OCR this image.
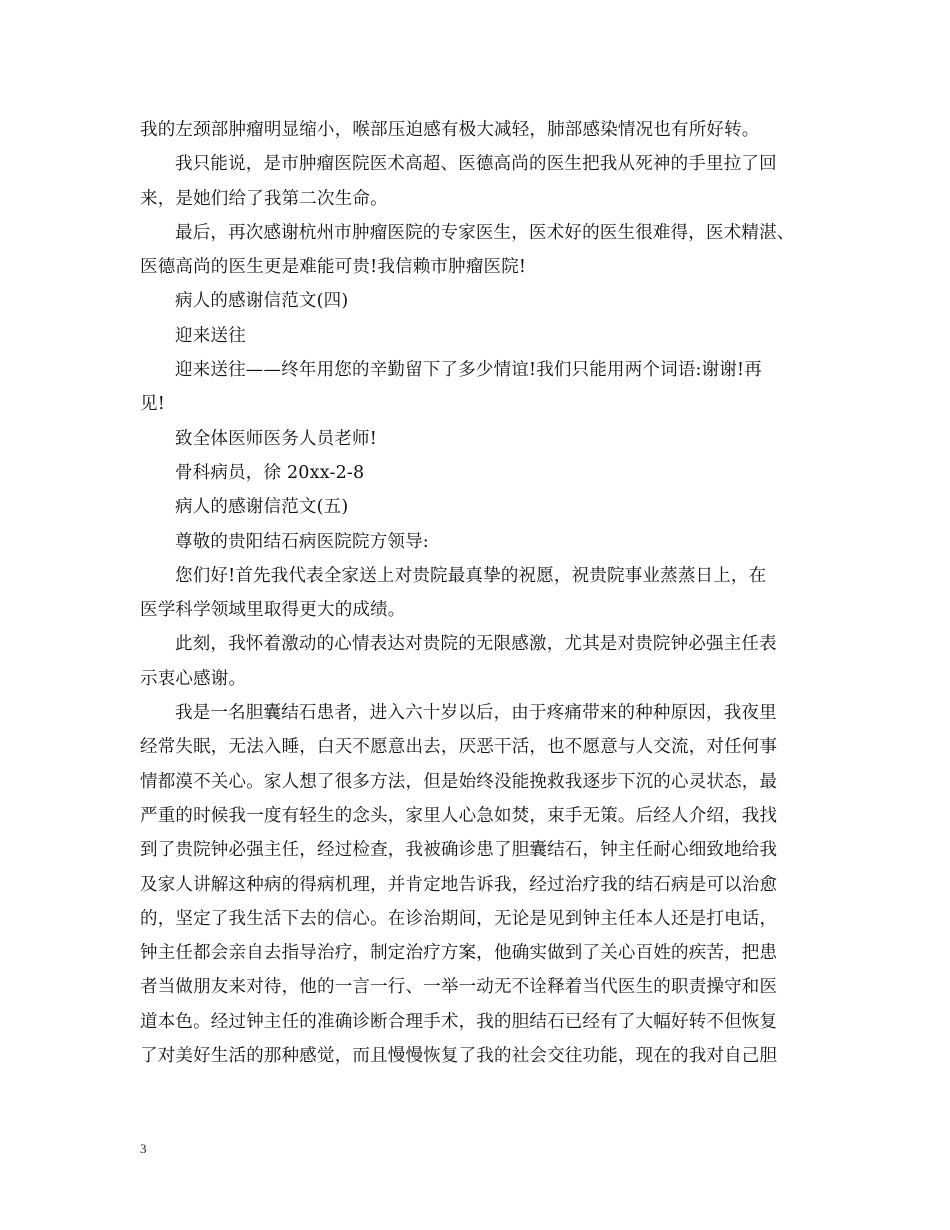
我的左颈部肿瘤明显缩小，喉部压迫感有极大减轻，肺部感染情况也有所好转。
我只能说，是市肿瘤医院医术高超、医德高尚的医生把我从死神的手里拉了回
来，是她们给了我第二次生命。
最后，再次感谢杭州市肿瘤医院的专家医生，医术好的医生很难得，医术精湛、
医德高尚的医生更是难能可贵!我信赖市肿瘤医院!
病人的感谢信范文(四)
迎来送往
迎来送往——终年用您的辛勤留下了多少情谊!我们只能用两个词语:谢谢!再
见!
致全体医师医务人员老师!
骨科病员，徐 20xx-2-8
病人的感谢信范文(五)
尊敬的贵阳结石病医院院方领导:
您们好!首先我代表全家送上对贵院最真挚的祝愿，祝贵院事业蒸蒸日上，在
医学科学领域里取得更大的成绩。
此刻，我怀着激动的心情表达对贵院的无限感激，尤其是对贵院钟必强主任表
示衷心感谢。
我是一名胆囊结石患者，进入六十岁以后，由于疼痛带来的种种原因，我夜里
经常失眠，无法入睡，白天不愿意出去，厌恶干活，也不愿意与人交流，对任何事
情都漠不关心。家人想了很多方法，但是始终没能挽救我逐步下沉的心灵状态，最
严重的时候我一度有轻生的念头，家里人心急如焚，束手无策。后经人介绍，我找
到了贵院钟必强主任，经过检查，我被确诊患了胆囊结石，钟主任耐心细致地给我
及家人讲解这种病的得病机理，并肯定地告诉我，经过治疗我的结石病是可以治愈
的，坚定了我生活下去的信心。在诊治期间，无论是见到钟主任本人还是打电话，
钟主任都会亲自去指导治疗，制定治疗方案，他确实做到了关心百姓的疾苦，把患
者当做朋友来对待，他的一言一行、一举一动无不诠释着当代医生的职责操守和医
道本色。经过钟主任的准确诊断合理手术，我的胆结石已经有了大幅好转不但恢复
了对美好生活的那种感觉，而且慢慢恢复了我的社会交往功能，现在的我对自己胆
3
